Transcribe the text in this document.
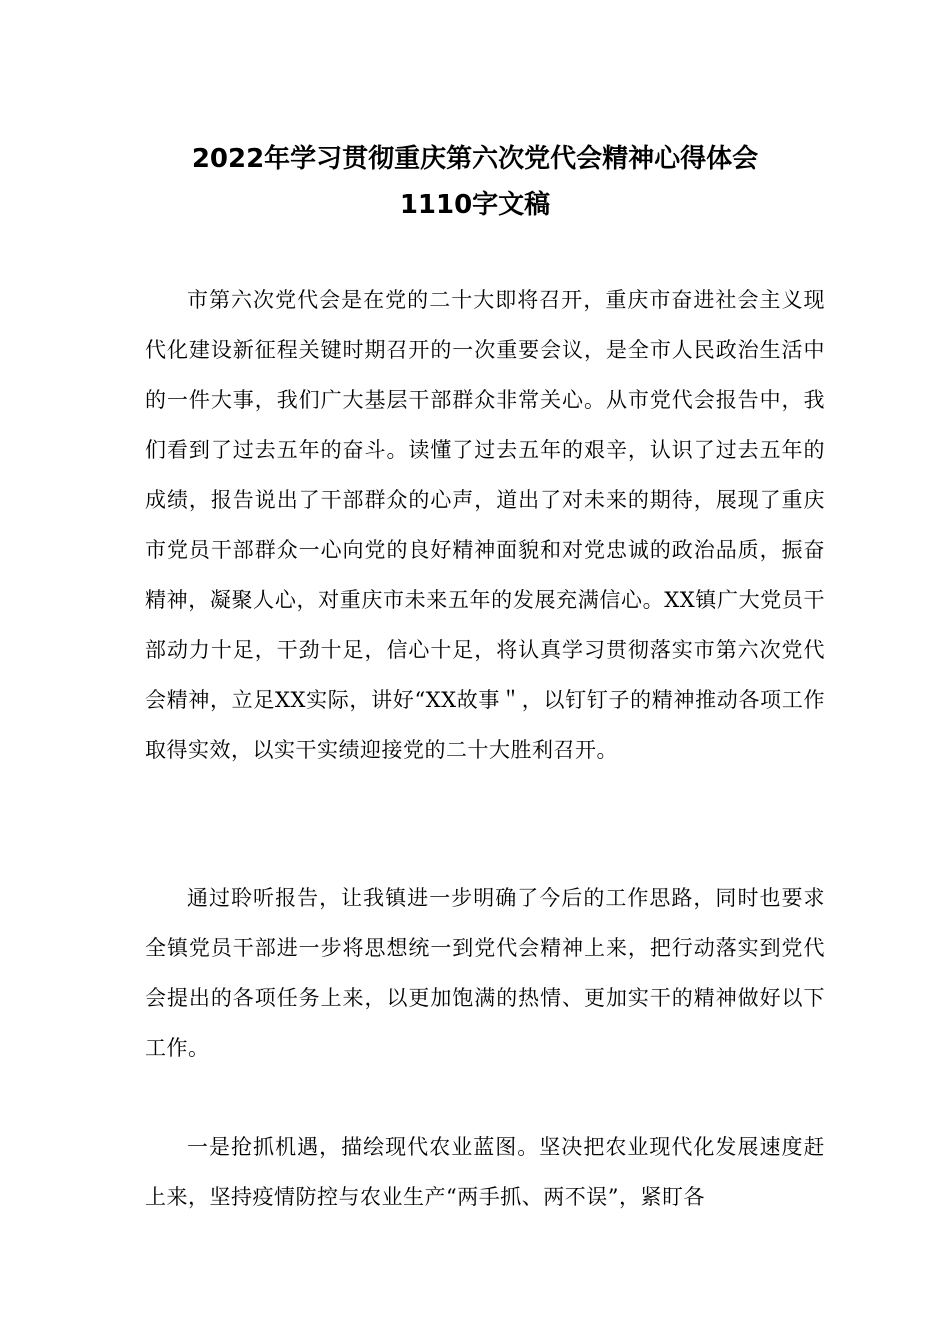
2022年学习贯彻重庆第六次党代会精神心得体会
1110字文稿

市第六次党代会是在党的二十大即将召开，重庆市奋进社会主义现代化建设新征程关键时期召开的一次重要会议，是全市人民政治生活中的一件大事，我们广大基层干部群众非常关心。从市党代会报告中，我们看到了过去五年的奋斗。读懂了过去五年的艰辛，认识了过去五年的成绩，报告说出了干部群众的心声，道出了对未来的期待，展现了重庆市党员干部群众一心向党的良好精神面貌和对党忠诚的政治品质，振奋精神，凝聚人心，对重庆市未来五年的发展充满信心。XX镇广大党员干部动力十足，干劲十足，信心十足，将认真学习贯彻落实市第六次党代会精神，立足XX实际，讲好“XX故事＂，以钉钉子的精神推动各项工作取得实效，以实干实绩迎接党的二十大胜利召开。

通过聆听报告，让我镇进一步明确了今后的工作思路，同时也要求全镇党员干部进一步将思想统一到党代会精神上来，把行动落实到党代会提出的各项任务上来，以更加饱满的热情、更加实干的精神做好以下工作。

一是抢抓机遇，描绘现代农业蓝图。坚决把农业现代化发展速度赶上来，坚持疫情防控与农业生产“两手抓、两不误”，紧盯各
